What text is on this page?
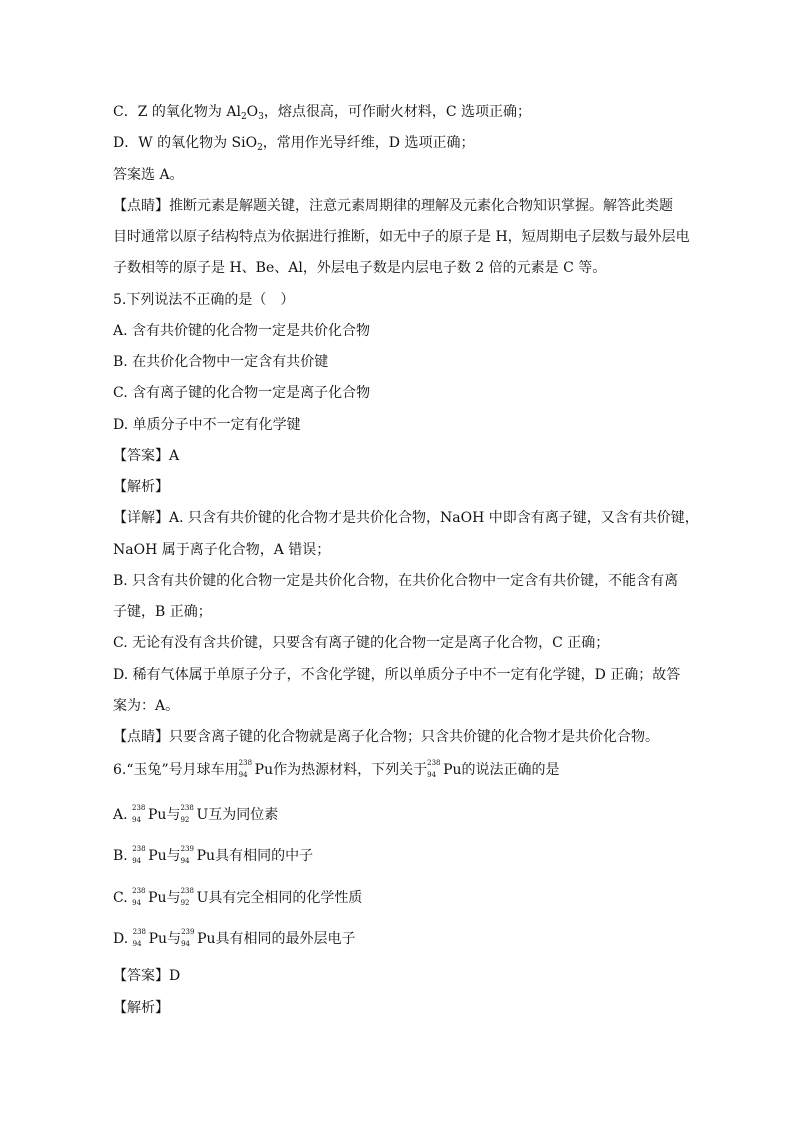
C．Z 的氧化物为 $Al_2O_3$，熔点很高，可作耐火材料，C 选项正确；
D．W 的氧化物为 SiO$_2$，常用作光导纤维，D 选项正确；
答案选 A。
【点睛】推断元素是解题关键，注意元素周期律的理解及元素化合物知识掌握。解答此类题
目时通常以原子结构特点为依据进行推断，如无中子的原子是 H，短周期电子层数与最外层电
子数相等的原子是 H、Be、Al，外层电子数是内层电子数 2 倍的元素是 C 等。
5.下列说法不正确的是（　）
A. 含有共价键的化合物一定是共价化合物
B. 在共价化合物中一定含有共价键
C. 含有离子键的化合物一定是离子化合物
D. 单质分子中不一定有化学键
【答案】A
【解析】
【详解】A. 只含有共价键的化合物才是共价化合物，NaOH 中即含有离子键，又含有共价键，
NaOH 属于离子化合物，A 错误；
B. 只含有共价键的化合物一定是共价化合物，在共价化合物中一定含有共价键，不能含有离
子键，B 正确；
C. 无论有没有含共价键，只要含有离子键的化合物一定是离子化合物，C 正确；
D. 稀有气体属于单原子分子，不含化学键，所以单质分子中不一定有化学键，D 正确；故答
案为：A。
【点睛】只要含离子键的化合物就是离子化合物；只含共价键的化合物才是共价化合物。
6.“玉兔”号月球车用 238
94 Pu作为热源材料，下列关于 238
94 Pu的说法正确的是
A. 238
94 Pu与 238
92 U互为同位素
B. 238
94 Pu与 239
94 Pu具有相同的中子
C. 238
94 Pu与 238
92 U具有完全相同的化学性质
D. 238
94 Pu与 239
94 Pu具有相同的最外层电子
【答案】D
【解析】
